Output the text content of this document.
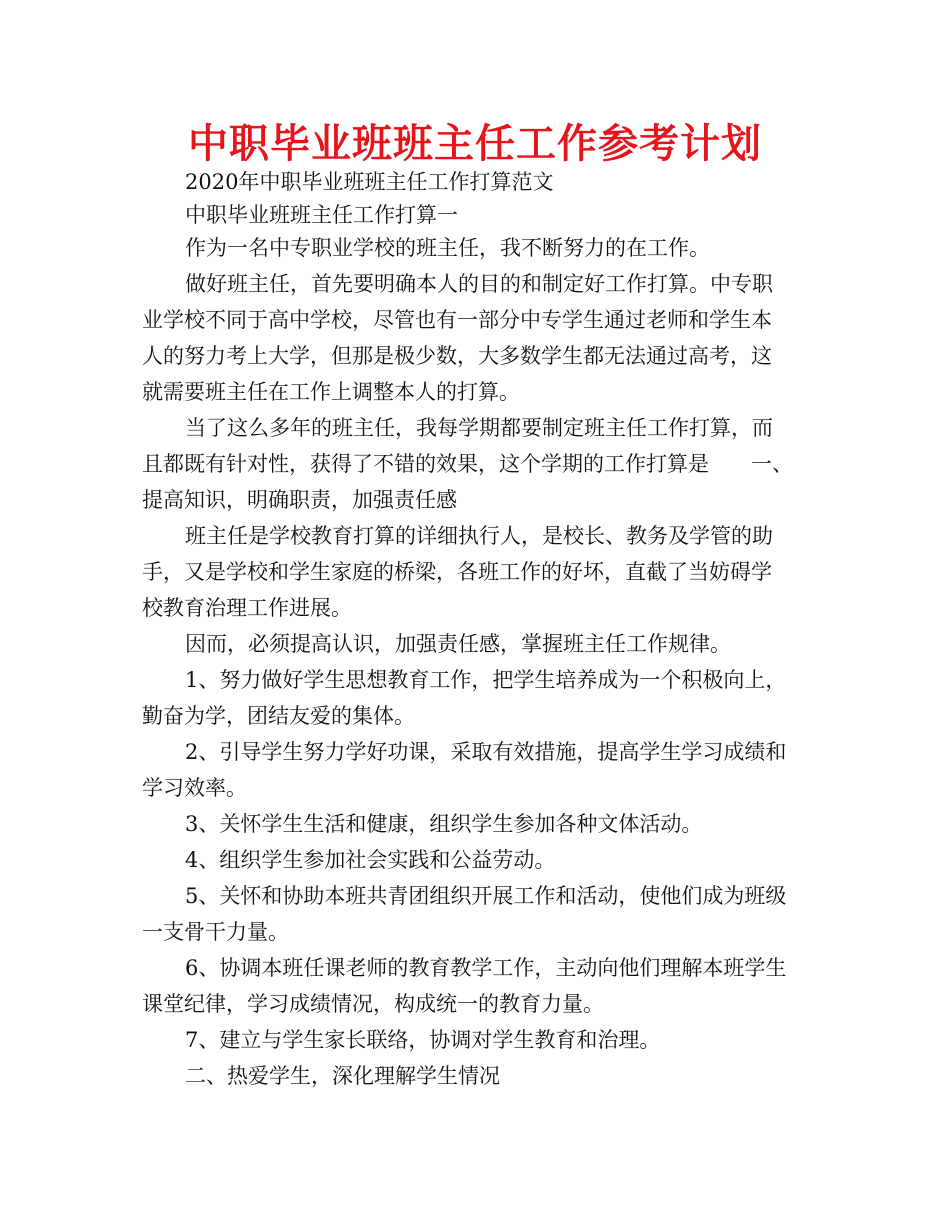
中职毕业班班主任工作参考计划
2020年中职毕业班班主任工作打算范文
中职毕业班班主任工作打算一
作为一名中专职业学校的班主任，我不断努力的在工作。
做好班主任，首先要明确本人的目的和制定好工作打算。中专职
业学校不同于高中学校，尽管也有一部分中专学生通过老师和学生本
人的努力考上大学，但那是极少数，大多数学生都无法通过高考，这
就需要班主任在工作上调整本人的打算。
当了这么多年的班主任，我每学期都要制定班主任工作打算，而
且都既有针对性，获得了不错的效果，这个学期的工作打算是　　一、
提高知识，明确职责，加强责任感
班主任是学校教育打算的详细执行人，是校长、教务及学管的助
手，又是学校和学生家庭的桥梁，各班工作的好坏，直截了当妨碍学
校教育治理工作进展。
因而，必须提高认识，加强责任感，掌握班主任工作规律。
1、努力做好学生思想教育工作，把学生培养成为一个积极向上，
勤奋为学，团结友爱的集体。
2、引导学生努力学好功课，采取有效措施，提高学生学习成绩和
学习效率。
3、关怀学生生活和健康，组织学生参加各种文体活动。
4、组织学生参加社会实践和公益劳动。
5、关怀和协助本班共青团组织开展工作和活动，使他们成为班级
一支骨干力量。
6、协调本班任课老师的教育教学工作，主动向他们理解本班学生
课堂纪律，学习成绩情况，构成统一的教育力量。
7、建立与学生家长联络，协调对学生教育和治理。
二、热爱学生，深化理解学生情况
